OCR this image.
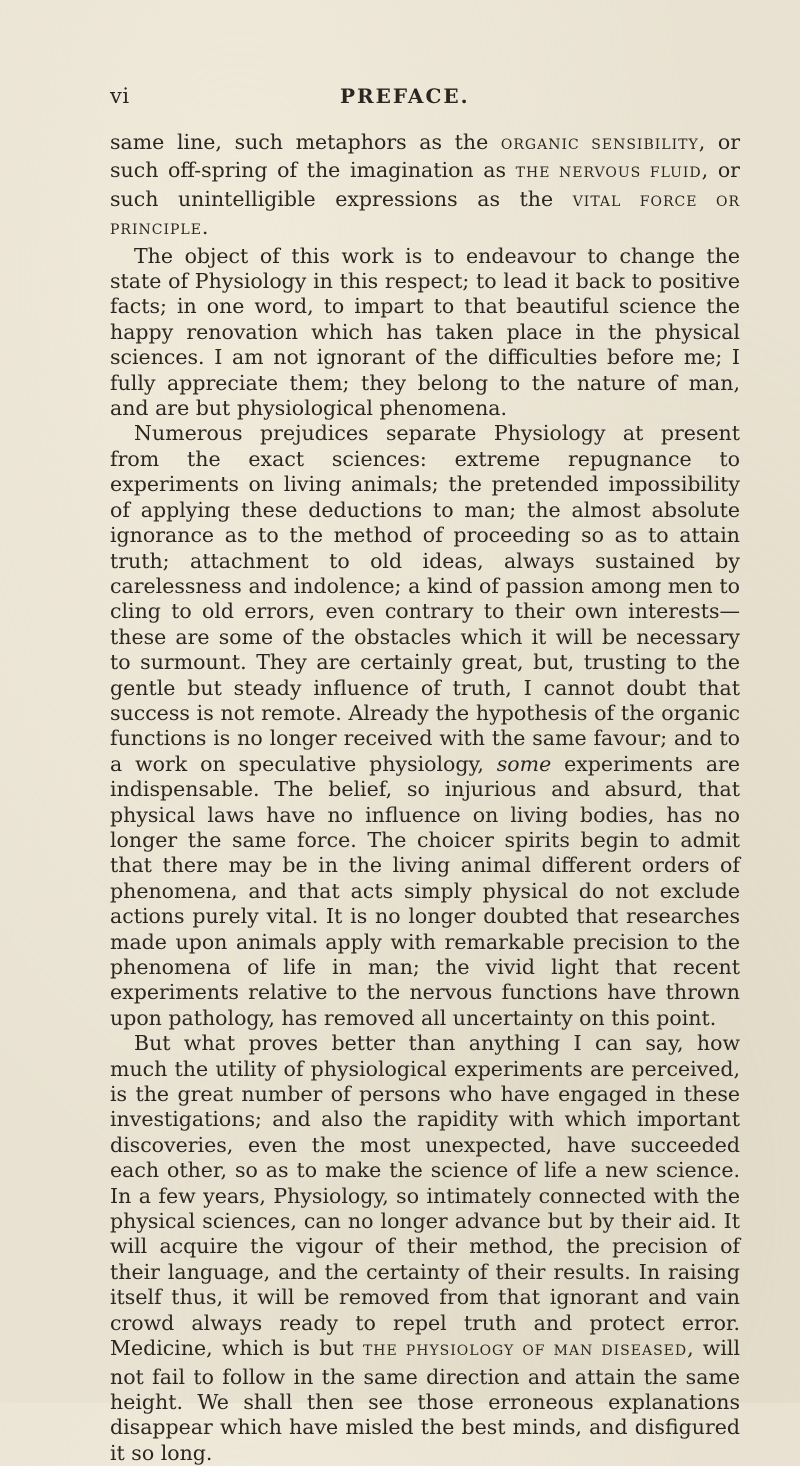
vi	PREFACE.

same line, such metaphors as the ORGANIC SENSIBILITY, or such off-spring of the imagination as THE NERVOUS FLUID, or such unintelligible expressions as the VITAL FORCE OR PRINCIPLE.

The object of this work is to endeavour to change the state of Physiology in this respect; to lead it back to positive facts; in one word, to impart to that beautiful science the happy renovation which has taken place in the physical sciences. I am not ignorant of the difficulties before me; I fully appreciate them; they belong to the nature of man, and are but physiological phenomena.

Numerous prejudices separate Physiology at present from the exact sciences: extreme repugnance to experiments on living animals; the pretended impossibility of applying these deductions to man; the almost absolute ignorance as to the method of proceeding so as to attain truth; attachment to old ideas, always sustained by carelessness and indolence; a kind of passion among men to cling to old errors, even contrary to their own interests—these are some of the obstacles which it will be necessary to surmount. They are certainly great, but, trusting to the gentle but steady influence of truth, I cannot doubt that success is not remote. Already the hypothesis of the organic functions is no longer received with the same favour; and to a work on speculative physiology, some experiments are indispensable. The belief, so injurious and absurd, that physical laws have no influence on living bodies, has no longer the same force. The choicer spirits begin to admit that there may be in the living animal different orders of phenomena, and that acts simply physical do not exclude actions purely vital. It is no longer doubted that researches made upon animals apply with remarkable precision to the phenomena of life in man; the vivid light that recent experiments relative to the nervous functions have thrown upon pathology, has removed all uncertainty on this point.

But what proves better than anything I can say, how much the utility of physiological experiments are perceived, is the great number of persons who have engaged in these investigations; and also the rapidity with which important discoveries, even the most unexpected, have succeeded each other, so as to make the science of life a new science. In a few years, Physiology, so intimately connected with the physical sciences, can no longer advance but by their aid. It will acquire the vigour of their method, the precision of their language, and the certainty of their results. In raising itself thus, it will be removed from that ignorant and vain crowd always ready to repel truth and protect error. Medicine, which is but THE PHYSIOLOGY OF MAN DISEASED, will not fail to follow in the same direction and attain the same height. We shall then see those erroneous explanations disappear which have misled the best minds, and disfigured it so long.
